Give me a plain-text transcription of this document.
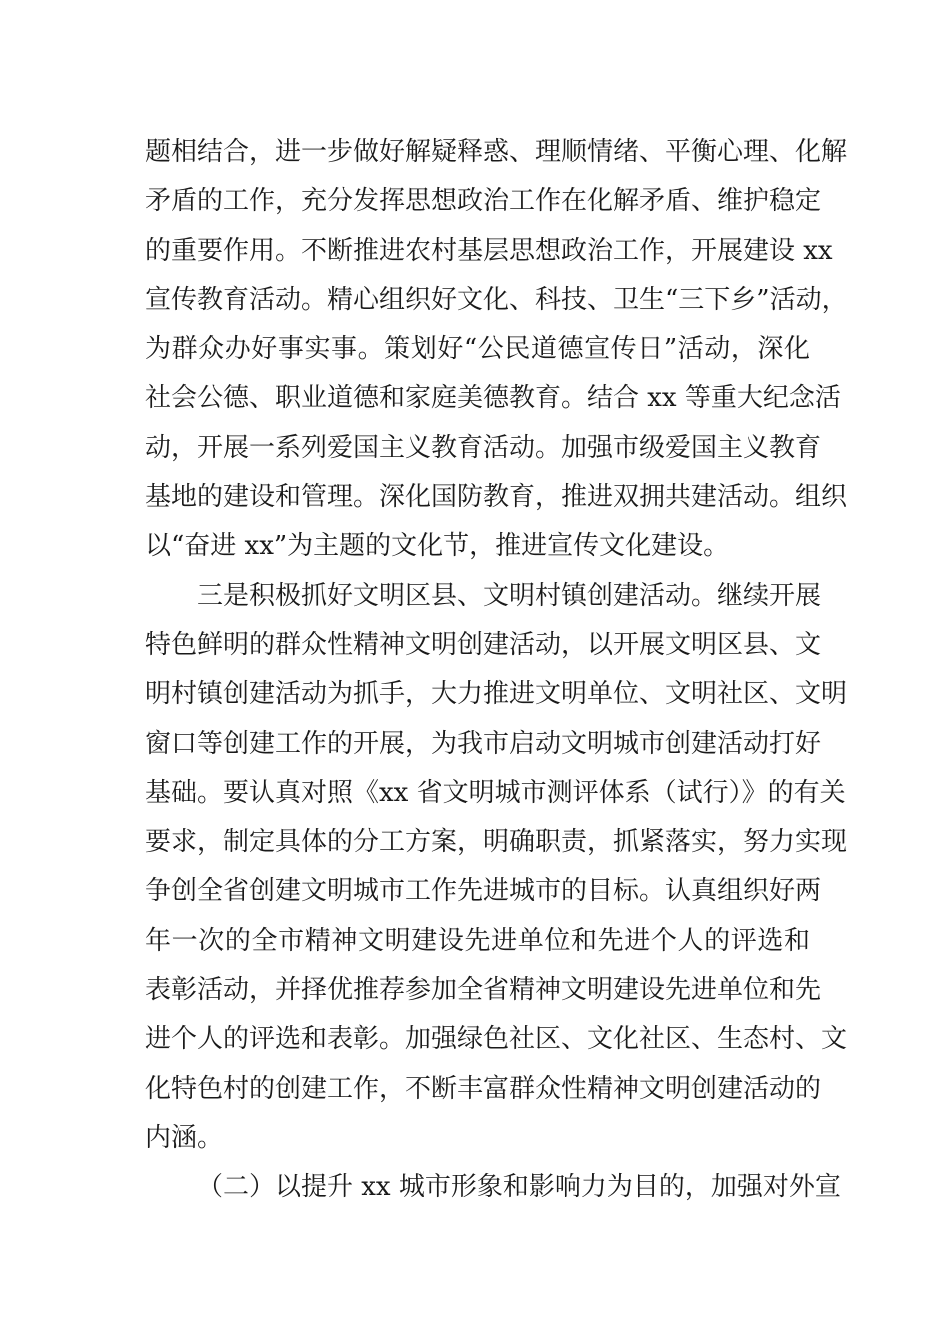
题相结合，进一步做好解疑释惑、理顺情绪、平衡心理、化解
矛盾的工作，充分发挥思想政治工作在化解矛盾、维护稳定
的重要作用。不断推进农村基层思想政治工作，开展建设 xx
宣传教育活动。精心组织好文化、科技、卫生“三下乡”活动，
为群众办好事实事。策划好“公民道德宣传日”活动，深化
社会公德、职业道德和家庭美德教育。结合 xx 等重大纪念活
动，开展一系列爱国主义教育活动。加强市级爱国主义教育
基地的建设和管理。深化国防教育，推进双拥共建活动。组织
以“奋进 xx”为主题的文化节，推进宣传文化建设。
三是积极抓好文明区县、文明村镇创建活动。继续开展
特色鲜明的群众性精神文明创建活动，以开展文明区县、文
明村镇创建活动为抓手，大力推进文明单位、文明社区、文明
窗口等创建工作的开展，为我市启动文明城市创建活动打好
基础。要认真对照《xx 省文明城市测评体系（试行）》的有关
要求，制定具体的分工方案，明确职责，抓紧落实，努力实现
争创全省创建文明城市工作先进城市的目标。认真组织好两
年一次的全市精神文明建设先进单位和先进个人的评选和
表彰活动，并择优推荐参加全省精神文明建设先进单位和先
进个人的评选和表彰。加强绿色社区、文化社区、生态村、文
化特色村的创建工作，不断丰富群众性精神文明创建活动的
内涵。
（二）以提升 xx 城市形象和影响力为目的，加强对外宣
